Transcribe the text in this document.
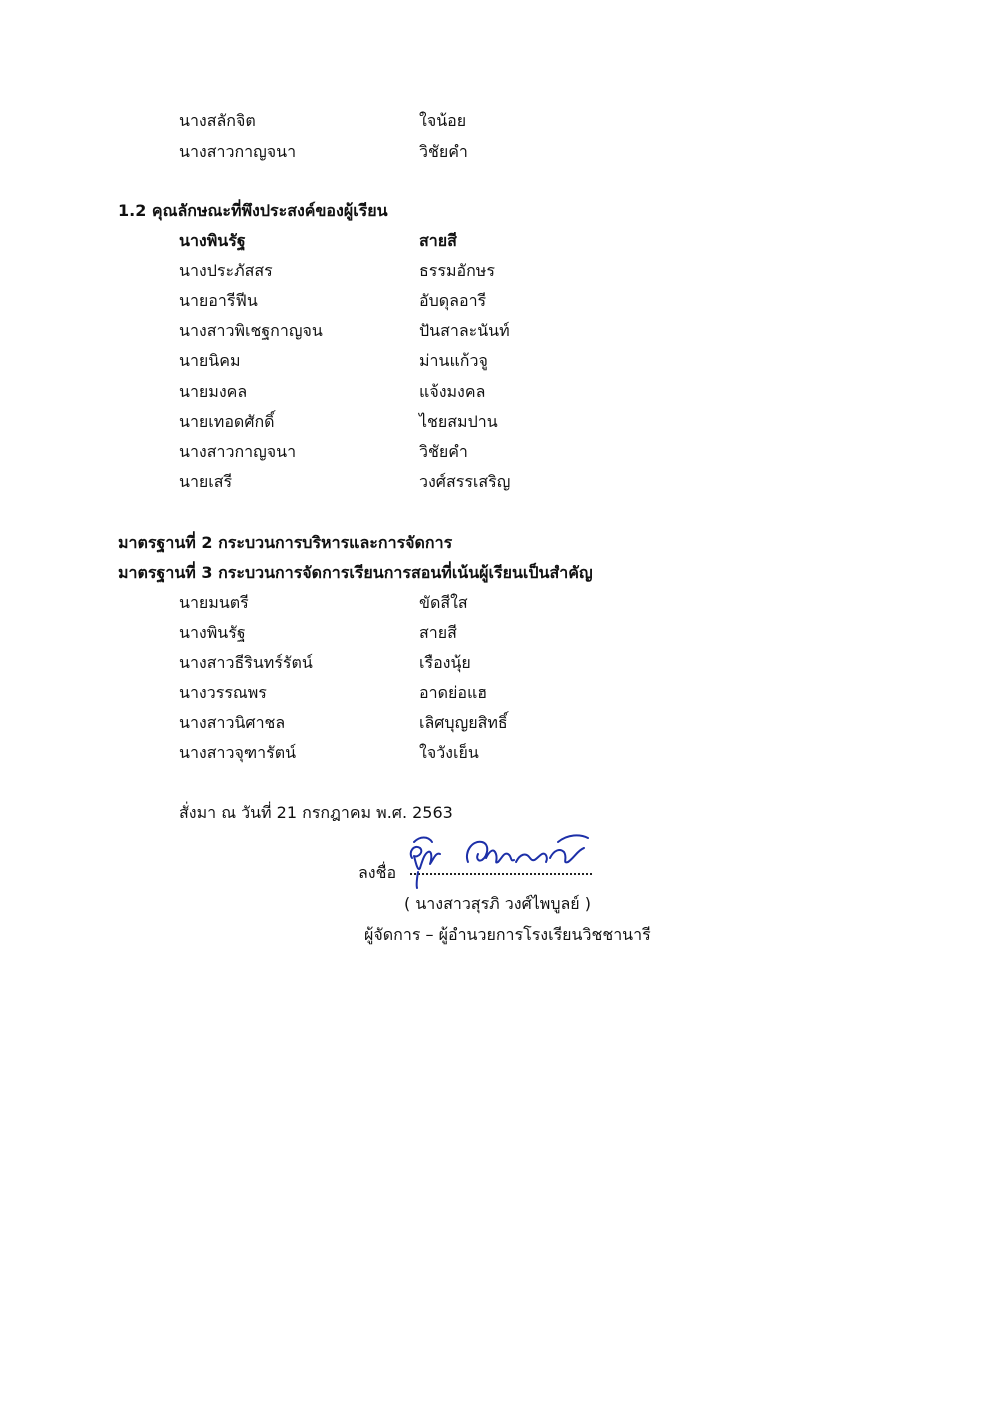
นางสลักจิต	ใจน้อย
นางสาวกาญจนา	วิชัยคำ
1.2 คุณลักษณะที่พึงประสงค์ของผู้เรียน
นางพินรัฐ	สายสี
นางประภัสสร	ธรรมอักษร
นายอารีฟีน	อับดุลอารี
นางสาวพิเชฐกาญจน	ปันสาละนันท์
นายนิคม	ม่านแก้วจู
นายมงคล	แจ้งมงคล
นายเทอดศักดิ์	ไชยสมปาน
นางสาวกาญจนา	วิชัยคำ
นายเสรี	วงศ์สรรเสริญ
มาตรฐานที่ 2 กระบวนการบริหารและการจัดการ
มาตรฐานที่ 3 กระบวนการจัดการเรียนการสอนที่เน้นผู้เรียนเป็นสำคัญ
นายมนตรี	ขัดสีใส
นางพินรัฐ	สายสี
นางสาวธีรินทร์รัตน์	เรืองนุ้ย
นางวรรณพร	อาดย่อแฮ
นางสาวนิศาชล	เลิศบุญยสิทธิ์
นางสาวจุฑารัตน์	ใจวังเย็น
สั่งมา ณ วันที่ 21 กรกฎาคม พ.ศ. 2563
ลงชื่อ
( นางสาวสุรภิ วงศ์ไพบูลย์ )
ผู้จัดการ – ผู้อำนวยการโรงเรียนวิชชานารี
